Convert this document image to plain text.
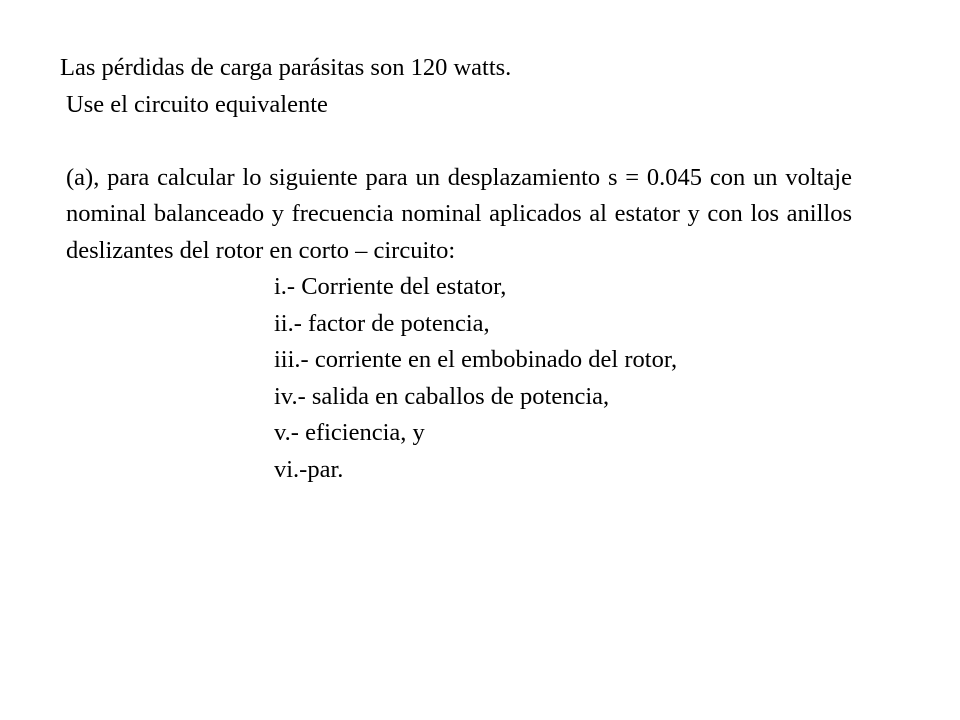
Las pérdidas de carga parásitas son 120 watts.
Use el circuito equivalente
(a), para calcular lo siguiente para un desplazamiento s = 0.045 con un voltaje nominal balanceado y frecuencia nominal aplicados al estator y con los anillos deslizantes del rotor en corto – circuito:
i.- Corriente del estator,
ii.- factor de potencia,
iii.- corriente en el embobinado del rotor,
iv.- salida en caballos de potencia,
v.- eficiencia, y
vi.-par.
